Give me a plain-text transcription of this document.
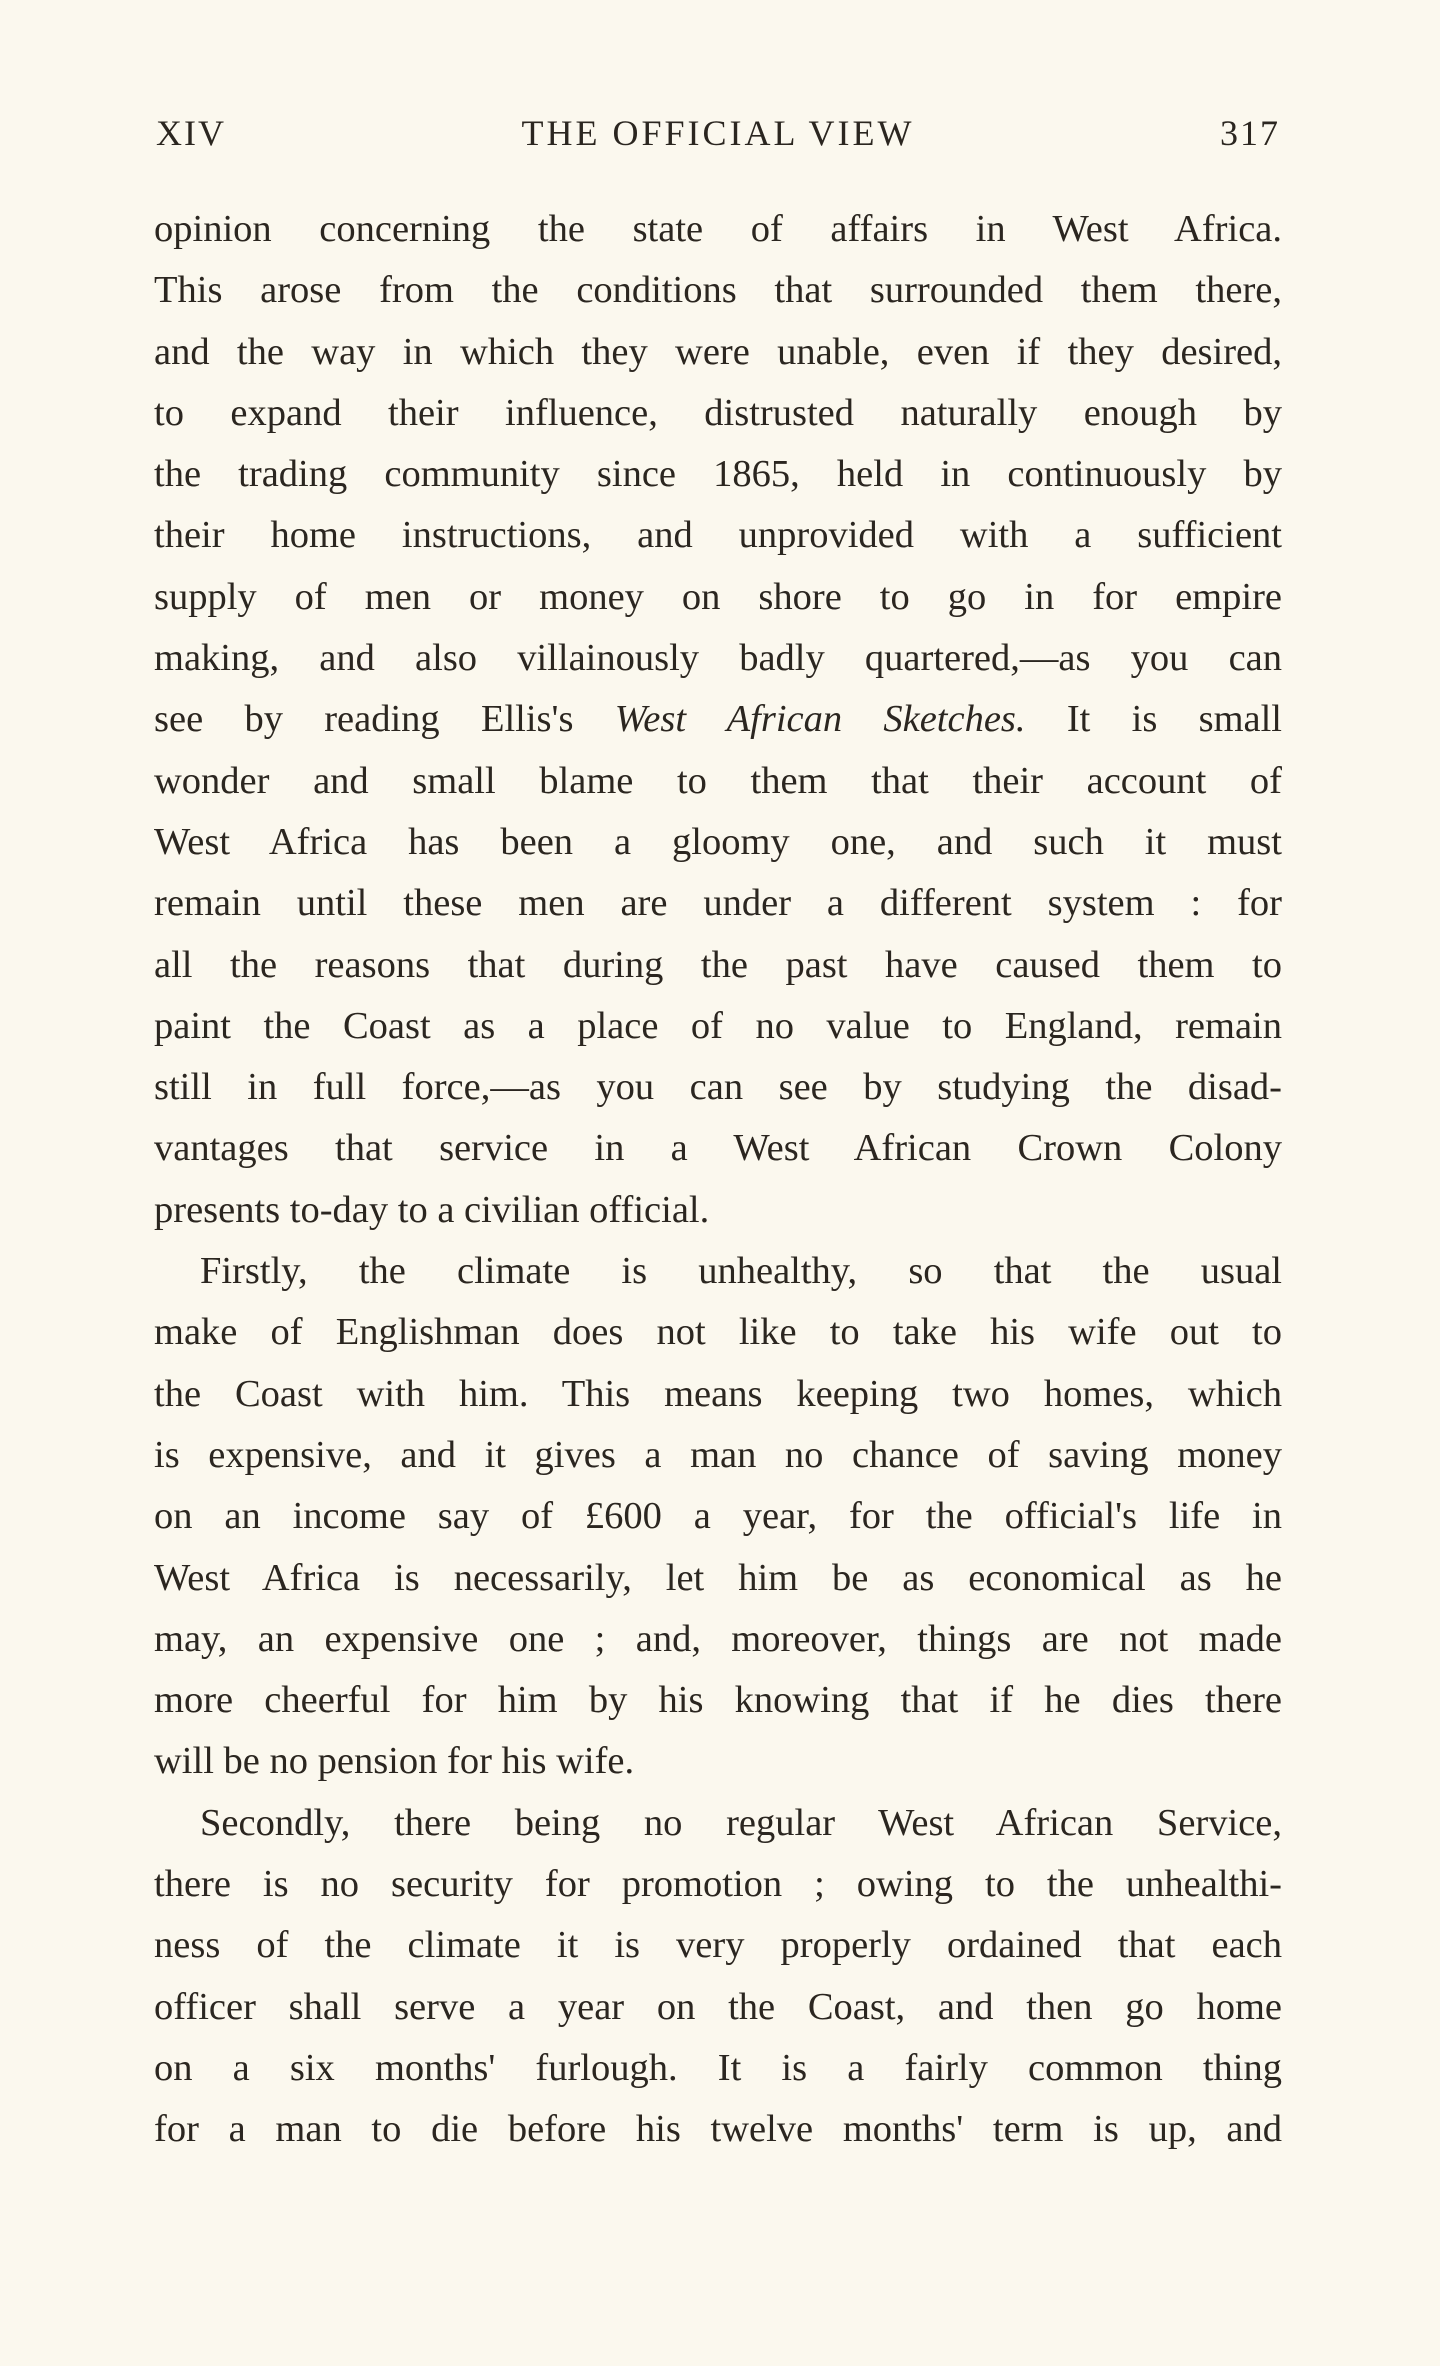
XIV	THE OFFICIAL VIEW	317
opinion concerning the state of affairs in West Africa.
This arose from the conditions that surrounded them there,
and the way in which they were unable, even if they desired,
to expand their influence, distrusted naturally enough by
the trading community since 1865, held in continuously by
their home instructions, and unprovided with a sufficient
supply of men or money on shore to go in for empire
making, and also villainously badly quartered,—as you can
see by reading Ellis's West African Sketches. It is small
wonder and small blame to them that their account of
West Africa has been a gloomy one, and such it must
remain until these men are under a different system : for
all the reasons that during the past have caused them to
paint the Coast as a place of no value to England, remain
still in full force,—as you can see by studying the disad-
vantages that service in a West African Crown Colony
presents to-day to a civilian official.
Firstly, the climate is unhealthy, so that the usual
make of Englishman does not like to take his wife out to
the Coast with him. This means keeping two homes, which
is expensive, and it gives a man no chance of saving money
on an income say of £600 a year, for the official's life in
West Africa is necessarily, let him be as economical as he
may, an expensive one ; and, moreover, things are not made
more cheerful for him by his knowing that if he dies there
will be no pension for his wife.
Secondly, there being no regular West African Service,
there is no security for promotion ; owing to the unhealthi-
ness of the climate it is very properly ordained that each
officer shall serve a year on the Coast, and then go home
on a six months' furlough. It is a fairly common thing
for a man to die before his twelve months' term is up, and
